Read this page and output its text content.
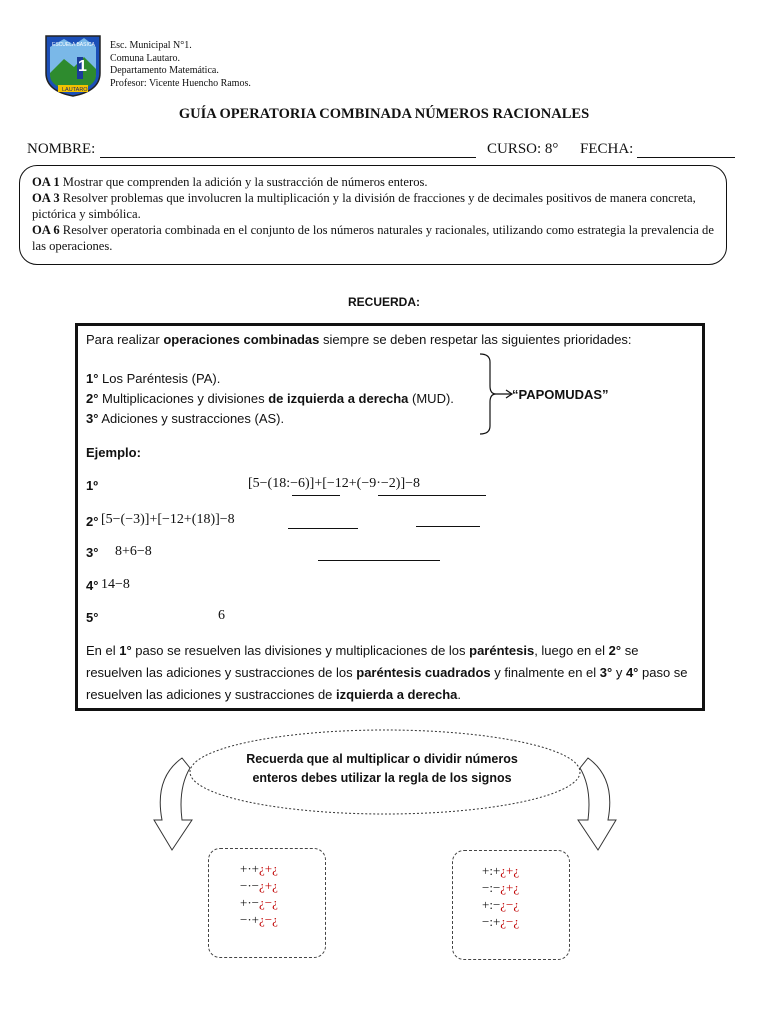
ESCUELA BASICA
1
LAUTARO
Esc. Municipal N°1.
Comuna Lautaro.
Departamento Matemática.
Profesor: Vicente Huencho Ramos.
GUÍA OPERATORIA COMBINADA NÚMEROS RACIONALES
NOMBRE:	CURSO: 8° FECHA:
OA 1 Mostrar que comprenden la adición y la sustracción de números enteros.
OA 3 Resolver problemas que involucren la multiplicación y la división de fracciones y de decimales positivos de manera concreta, pictórica y simbólica.
OA 6 Resolver operatoria combinada en el conjunto de los números naturales y racionales, utilizando como estrategia la prevalencia de las operaciones.
RECUERDA:
Para realizar operaciones combinadas siempre se deben respetar las siguientes prioridades:
1° Los Paréntesis (PA).
2° Multiplicaciones y divisiones de izquierda a derecha (MUD).
3° Adiciones y sustracciones (AS).
“PAPOMUDAS”
Ejemplo:
1º	[5−(18:−6)]+[−12+(−9·−2)]−8
2° [5−(−3)]+[−12+(18)]−8
3° 8+6−8
4° 14−8
5°	6
En el 1° paso se resuelven las divisiones y multiplicaciones de los paréntesis, luego en el 2° se resuelven las adiciones y sustracciones de los paréntesis cuadrados y finalmente en el 3° y 4° paso se resuelven las adiciones y sustracciones de izquierda a derecha.
Recuerda que al multiplicar o dividir números enteros debes utilizar la regla de los signos
+·+¿+¿
−·−¿+¿
+·−¿−¿
−·+¿−¿
+:+¿+¿
−:−¿+¿
+:−¿−¿
−:+¿−¿
